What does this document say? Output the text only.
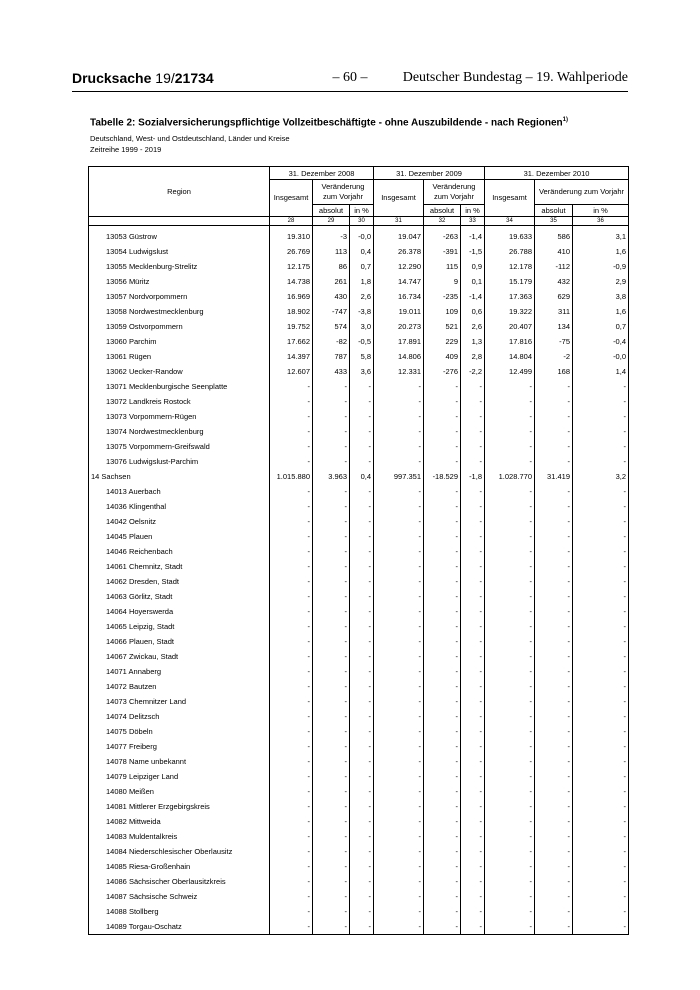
Drucksache 19/21734	– 60 –	Deutscher Bundestag – 19. Wahlperiode
Tabelle 2: Sozialversicherungspflichtige Vollzeitbeschäftigte - ohne Auszubildende - nach Regionen$^{1)}$
Deutschland, West- und Ostdeutschland, Länder und Kreise
Zeitreihe 1999 - 2019
Region	31. Dezember 2008			31. Dezember 2009			31. Dezember 2010		
	Insgesamt	Veränderung zum Vorjahr		Insgesamt	Veränderung zum Vorjahr		Insgesamt	Veränderung zum Vorjahr	
		absolut	in %		absolut	in %		absolut	in %
	28	29	30	31	32	33	34	35	36
13053 Güstrow	19.310	-3	-0,0	19.047	-263	-1,4	19.633	586	3,1
13054 Ludwigslust	26.769	113	0,4	26.378	-391	-1,5	26.788	410	1,6
13055 Mecklenburg-Strelitz	12.175	86	0,7	12.290	115	0,9	12.178	-112	-0,9
13056 Müritz	14.738	261	1,8	14.747	9	0,1	15.179	432	2,9
13057 Nordvorpommern	16.969	430	2,6	16.734	-235	-1,4	17.363	629	3,8
13058 Nordwestmecklenburg	18.902	-747	-3,8	19.011	109	0,6	19.322	311	1,6
13059 Ostvorpommern	19.752	574	3,0	20.273	521	2,6	20.407	134	0,7
13060 Parchim	17.662	-82	-0,5	17.891	229	1,3	17.816	-75	-0,4
13061 Rügen	14.397	787	5,8	14.806	409	2,8	14.804	-2	-0,0
13062 Uecker-Randow	12.607	433	3,6	12.331	-276	-2,2	12.499	168	1,4
13071 Mecklenburgische Seenplatte	-	-	-	-	-	-	-	-	-
13072 Landkreis Rostock	-	-	-	-	-	-	-	-	-
13073 Vorpommern-Rügen	-	-	-	-	-	-	-	-	-
13074 Nordwestmecklenburg	-	-	-	-	-	-	-	-	-
13075 Vorpommern-Greifswald	-	-	-	-	-	-	-	-	-
13076 Ludwigslust-Parchim	-	-	-	-	-	-	-	-	-
14 Sachsen	1.015.880	3.963	0,4	997.351	-18.529	-1,8	1.028.770	31.419	3,2
14013 Auerbach	-	-	-	-	-	-	-	-	-
14036 Klingenthal	-	-	-	-	-	-	-	-	-
14042 Oelsnitz	-	-	-	-	-	-	-	-	-
14045 Plauen	-	-	-	-	-	-	-	-	-
14046 Reichenbach	-	-	-	-	-	-	-	-	-
14061 Chemnitz, Stadt	-	-	-	-	-	-	-	-	-
14062 Dresden, Stadt	-	-	-	-	-	-	-	-	-
14063 Görlitz, Stadt	-	-	-	-	-	-	-	-	-
14064 Hoyerswerda	-	-	-	-	-	-	-	-	-
14065 Leipzig, Stadt	-	-	-	-	-	-	-	-	-
14066 Plauen, Stadt	-	-	-	-	-	-	-	-	-
14067 Zwickau, Stadt	-	-	-	-	-	-	-	-	-
14071 Annaberg	-	-	-	-	-	-	-	-	-
14072 Bautzen	-	-	-	-	-	-	-	-	-
14073 Chemnitzer Land	-	-	-	-	-	-	-	-	-
14074 Delitzsch	-	-	-	-	-	-	-	-	-
14075 Döbeln	-	-	-	-	-	-	-	-	-
14077 Freiberg	-	-	-	-	-	-	-	-	-
14078 Name unbekannt	-	-	-	-	-	-	-	-	-
14079 Leipziger Land	-	-	-	-	-	-	-	-	-
14080 Meißen	-	-	-	-	-	-	-	-	-
14081 Mittlerer Erzgebirgskreis	-	-	-	-	-	-	-	-	-
14082 Mittweida	-	-	-	-	-	-	-	-	-
14083 Muldentalkreis	-	-	-	-	-	-	-	-	-
14084 Niederschlesischer Oberlausitz	-	-	-	-	-	-	-	-	-
14085 Riesa-Großenhain	-	-	-	-	-	-	-	-	-
14086 Sächsischer Oberlausitzkreis	-	-	-	-	-	-	-	-	-
14087 Sächsische Schweiz	-	-	-	-	-	-	-	-	-
14088 Stollberg	-	-	-	-	-	-	-	-	-
14089 Torgau-Oschatz	-	-	-	-	-	-	-	-	-
